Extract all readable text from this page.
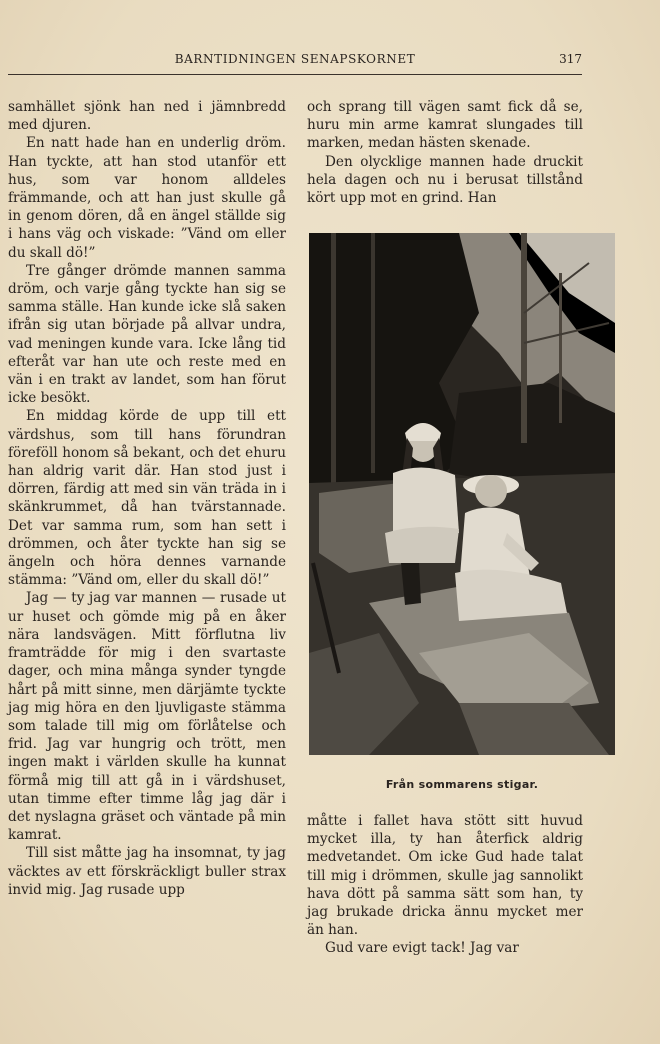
BARNTIDNINGEN SENAPSKORNET	317

samhället sjönk han ned i jämnbredd med djuren.

En natt hade han en underlig dröm. Han tyckte, att han stod utanför ett hus, som var honom alldeles främmande, och att han just skulle gå in genom dören, då en ängel ställde sig i hans väg och viskade: ”Vänd om eller du skall dö!”

Tre gånger drömde mannen samma dröm, och varje gång tyckte han sig se samma ställe. Han kunde icke slå saken ifrån sig utan började på allvar undra, vad meningen kunde vara. Icke lång tid efteråt var han ute och reste med en vän i en trakt av landet, som han förut icke besökt.

En middag körde de upp till ett värdshus, som till hans förundran föreföll honom så bekant, och det ehuru han aldrig varit där. Han stod just i dörren, färdig att med sin vän träda in i skänkrummet, då han tvärstannade. Det var samma rum, som han sett i drömmen, och åter tyckte han sig se ängeln och höra dennes varnande stämma: ”Vänd om, eller du skall dö!”

Jag — ty jag var mannen — rusade ut ur huset och gömde mig på en åker nära landsvägen. Mitt förflutna liv framträdde för mig i den svartaste dager, och mina många synder tyngde hårt på mitt sinne, men därjämte tyckte jag mig höra en den ljuvligaste stämma som talade till mig om förlåtelse och frid. Jag var hungrig och trött, men ingen makt i världen skulle ha kunnat förmå mig till att gå in i värdshuset, utan timme efter timme låg jag där i det nyslagna gräset och väntade på min kamrat.

Till sist måtte jag ha insomnat, ty jag väcktes av ett förskräckligt buller strax invid mig. Jag rusade upp

och sprang till vägen samt fick då se, huru min arme kamrat slungades till marken, medan hästen skenade.

Den olycklige mannen hade druckit hela dagen och nu i berusat tillstånd kört upp mot en grind. Han

Från sommarens stigar.

måtte i fallet hava stött sitt huvud mycket illa, ty han återfick aldrig medvetandet. Om icke Gud hade talat till mig i drömmen, skulle jag sannolikt hava dött på samma sätt som han, ty jag brukade dricka ännu mycket mer än han.

Gud vare evigt tack! Jag var
